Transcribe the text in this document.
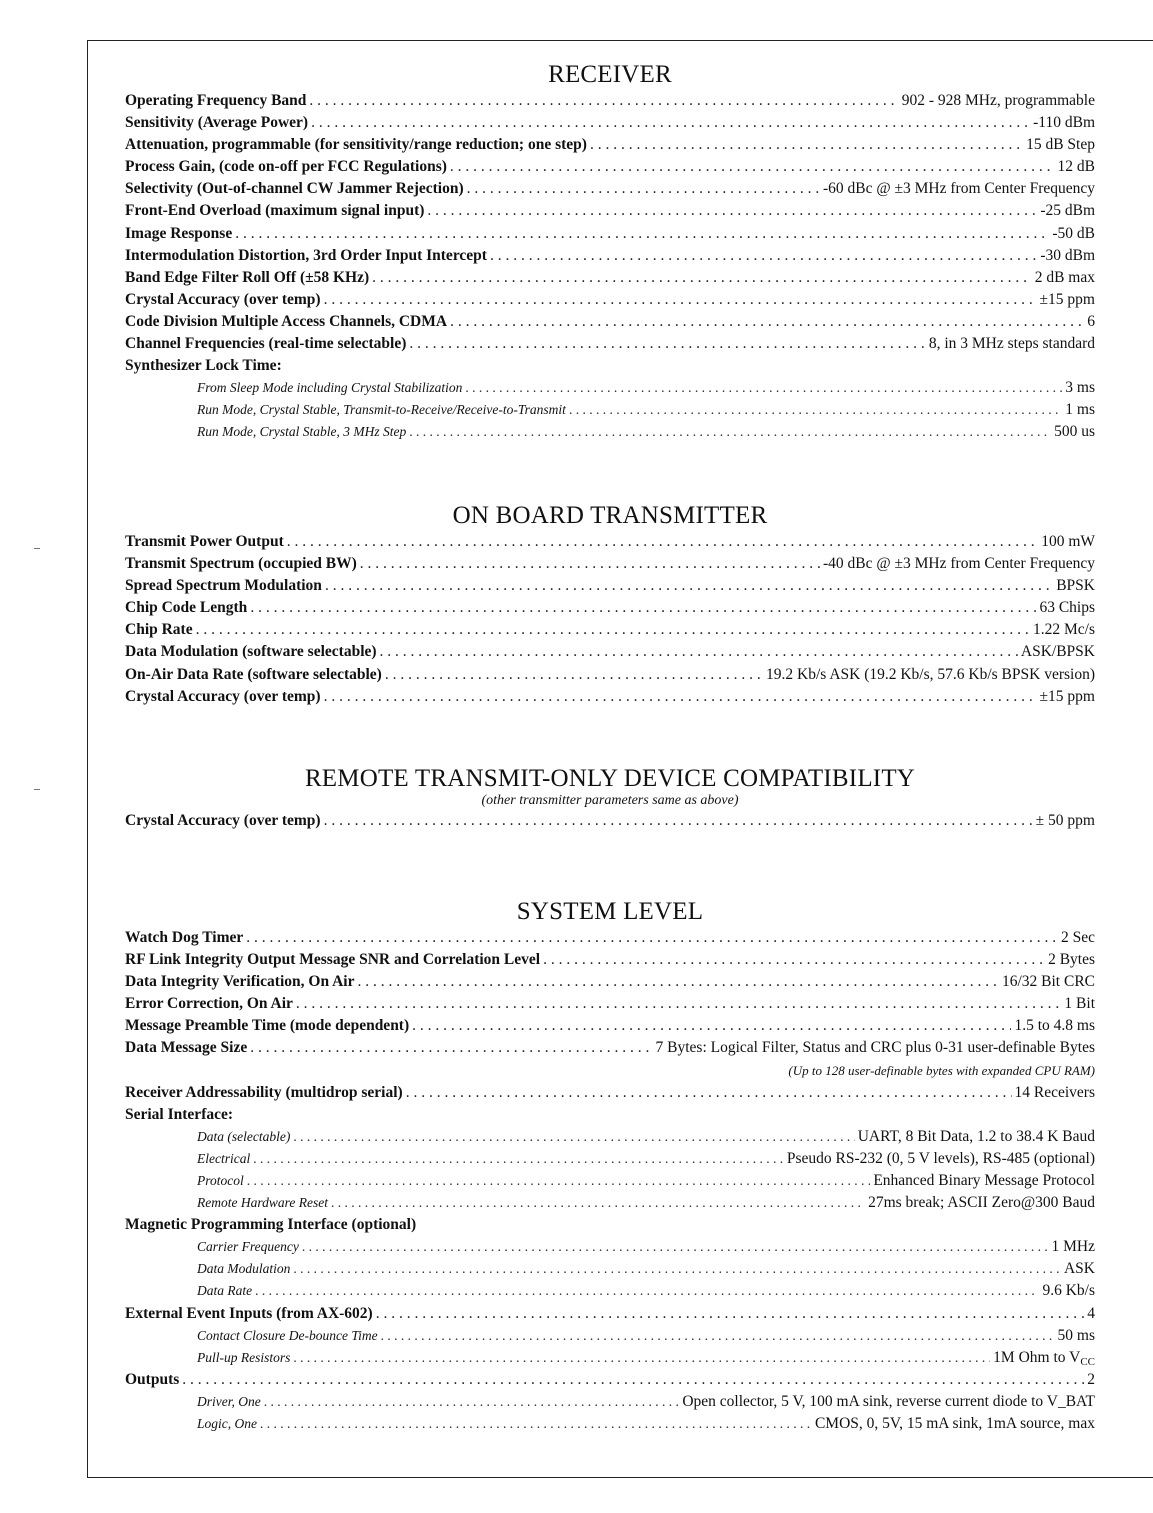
RECEIVER
Operating Frequency Band . . .	902 - 928 MHz, programmable
Sensitivity (Average Power) . . .	-110 dBm
Attenuation, programmable (for sensitivity/range reduction; one step) . . .	15 dB Step
Process Gain, (code on-off per FCC Regulations) . . .	12 dB
Selectivity (Out-of-channel CW Jammer Rejection) . . .	-60 dBc @ ±3 MHz from Center Frequency
Front-End Overload (maximum signal input) . . .	-25 dBm
Image Response . . .	-50 dB
Intermodulation Distortion, 3rd Order Input Intercept . . .	-30 dBm
Band Edge Filter Roll Off (±58 KHz) . . .	2 dB max
Crystal Accuracy (over temp) . . .	±15 ppm
Code Division Multiple Access Channels, CDMA . . .	6
Channel Frequencies (real-time selectable) . . .	8, in 3 MHz steps standard
Synthesizer Lock Time:
From Sleep Mode including Crystal Stabilization . . .	3 ms
Run Mode, Crystal Stable, Transmit-to-Receive/Receive-to-Transmit . . .	1 ms
Run Mode, Crystal Stable, 3 MHz Step . . .	500 us
ON BOARD TRANSMITTER
Transmit Power Output . . .	100 mW
Transmit Spectrum (occupied BW) . . .	-40 dBc @ ±3 MHz from Center Frequency
Spread Spectrum Modulation . . .	BPSK
Chip Code Length . . .	63 Chips
Chip Rate . . .	1.22 Mc/s
Data Modulation (software selectable) . . .	ASK/BPSK
On-Air Data Rate (software selectable) . . .	19.2 Kb/s ASK (19.2 Kb/s, 57.6 Kb/s BPSK version)
Crystal Accuracy (over temp) . . .	±15 ppm
REMOTE TRANSMIT-ONLY DEVICE COMPATIBILITY
(other transmitter parameters same as above)
Crystal Accuracy (over temp) . . .	± 50 ppm
SYSTEM LEVEL
Watch Dog Timer . . .	2 Sec
RF Link Integrity Output Message SNR and Correlation Level . . .	2 Bytes
Data Integrity Verification, On Air . . .	16/32 Bit CRC
Error Correction, On Air . . .	1 Bit
Message Preamble Time (mode dependent) . . .	1.5 to 4.8 ms
Data Message Size . . .	7 Bytes: Logical Filter, Status and CRC plus 0-31 user-definable Bytes
(Up to 128 user-definable bytes with expanded CPU RAM)
Receiver Addressability (multidrop serial) . . .	14 Receivers
Serial Interface:
Data (selectable) . . .	UART, 8 Bit Data, 1.2 to 38.4 K Baud
Electrical . . .	Pseudo RS-232 (0, 5 V levels), RS-485 (optional)
Protocol . . .	Enhanced Binary Message Protocol
Remote Hardware Reset . . .	27ms break; ASCII Zero@300 Baud
Magnetic Programming Interface (optional)
Carrier Frequency . . .	1 MHz
Data Modulation . . .	ASK
Data Rate . . .	9.6 Kb/s
External Event Inputs (from AX-602) . . .	4
Contact Closure De-bounce Time . . .	50 ms
Pull-up Resistors . . .	1M Ohm to $V_{CC}$
Outputs . . .	2
Driver, One . . .	Open collector, 5 V, 100 mA sink, reverse current diode to V_BAT
Logic, One . . .	CMOS, 0, 5V, 15 mA sink, 1mA source, max
